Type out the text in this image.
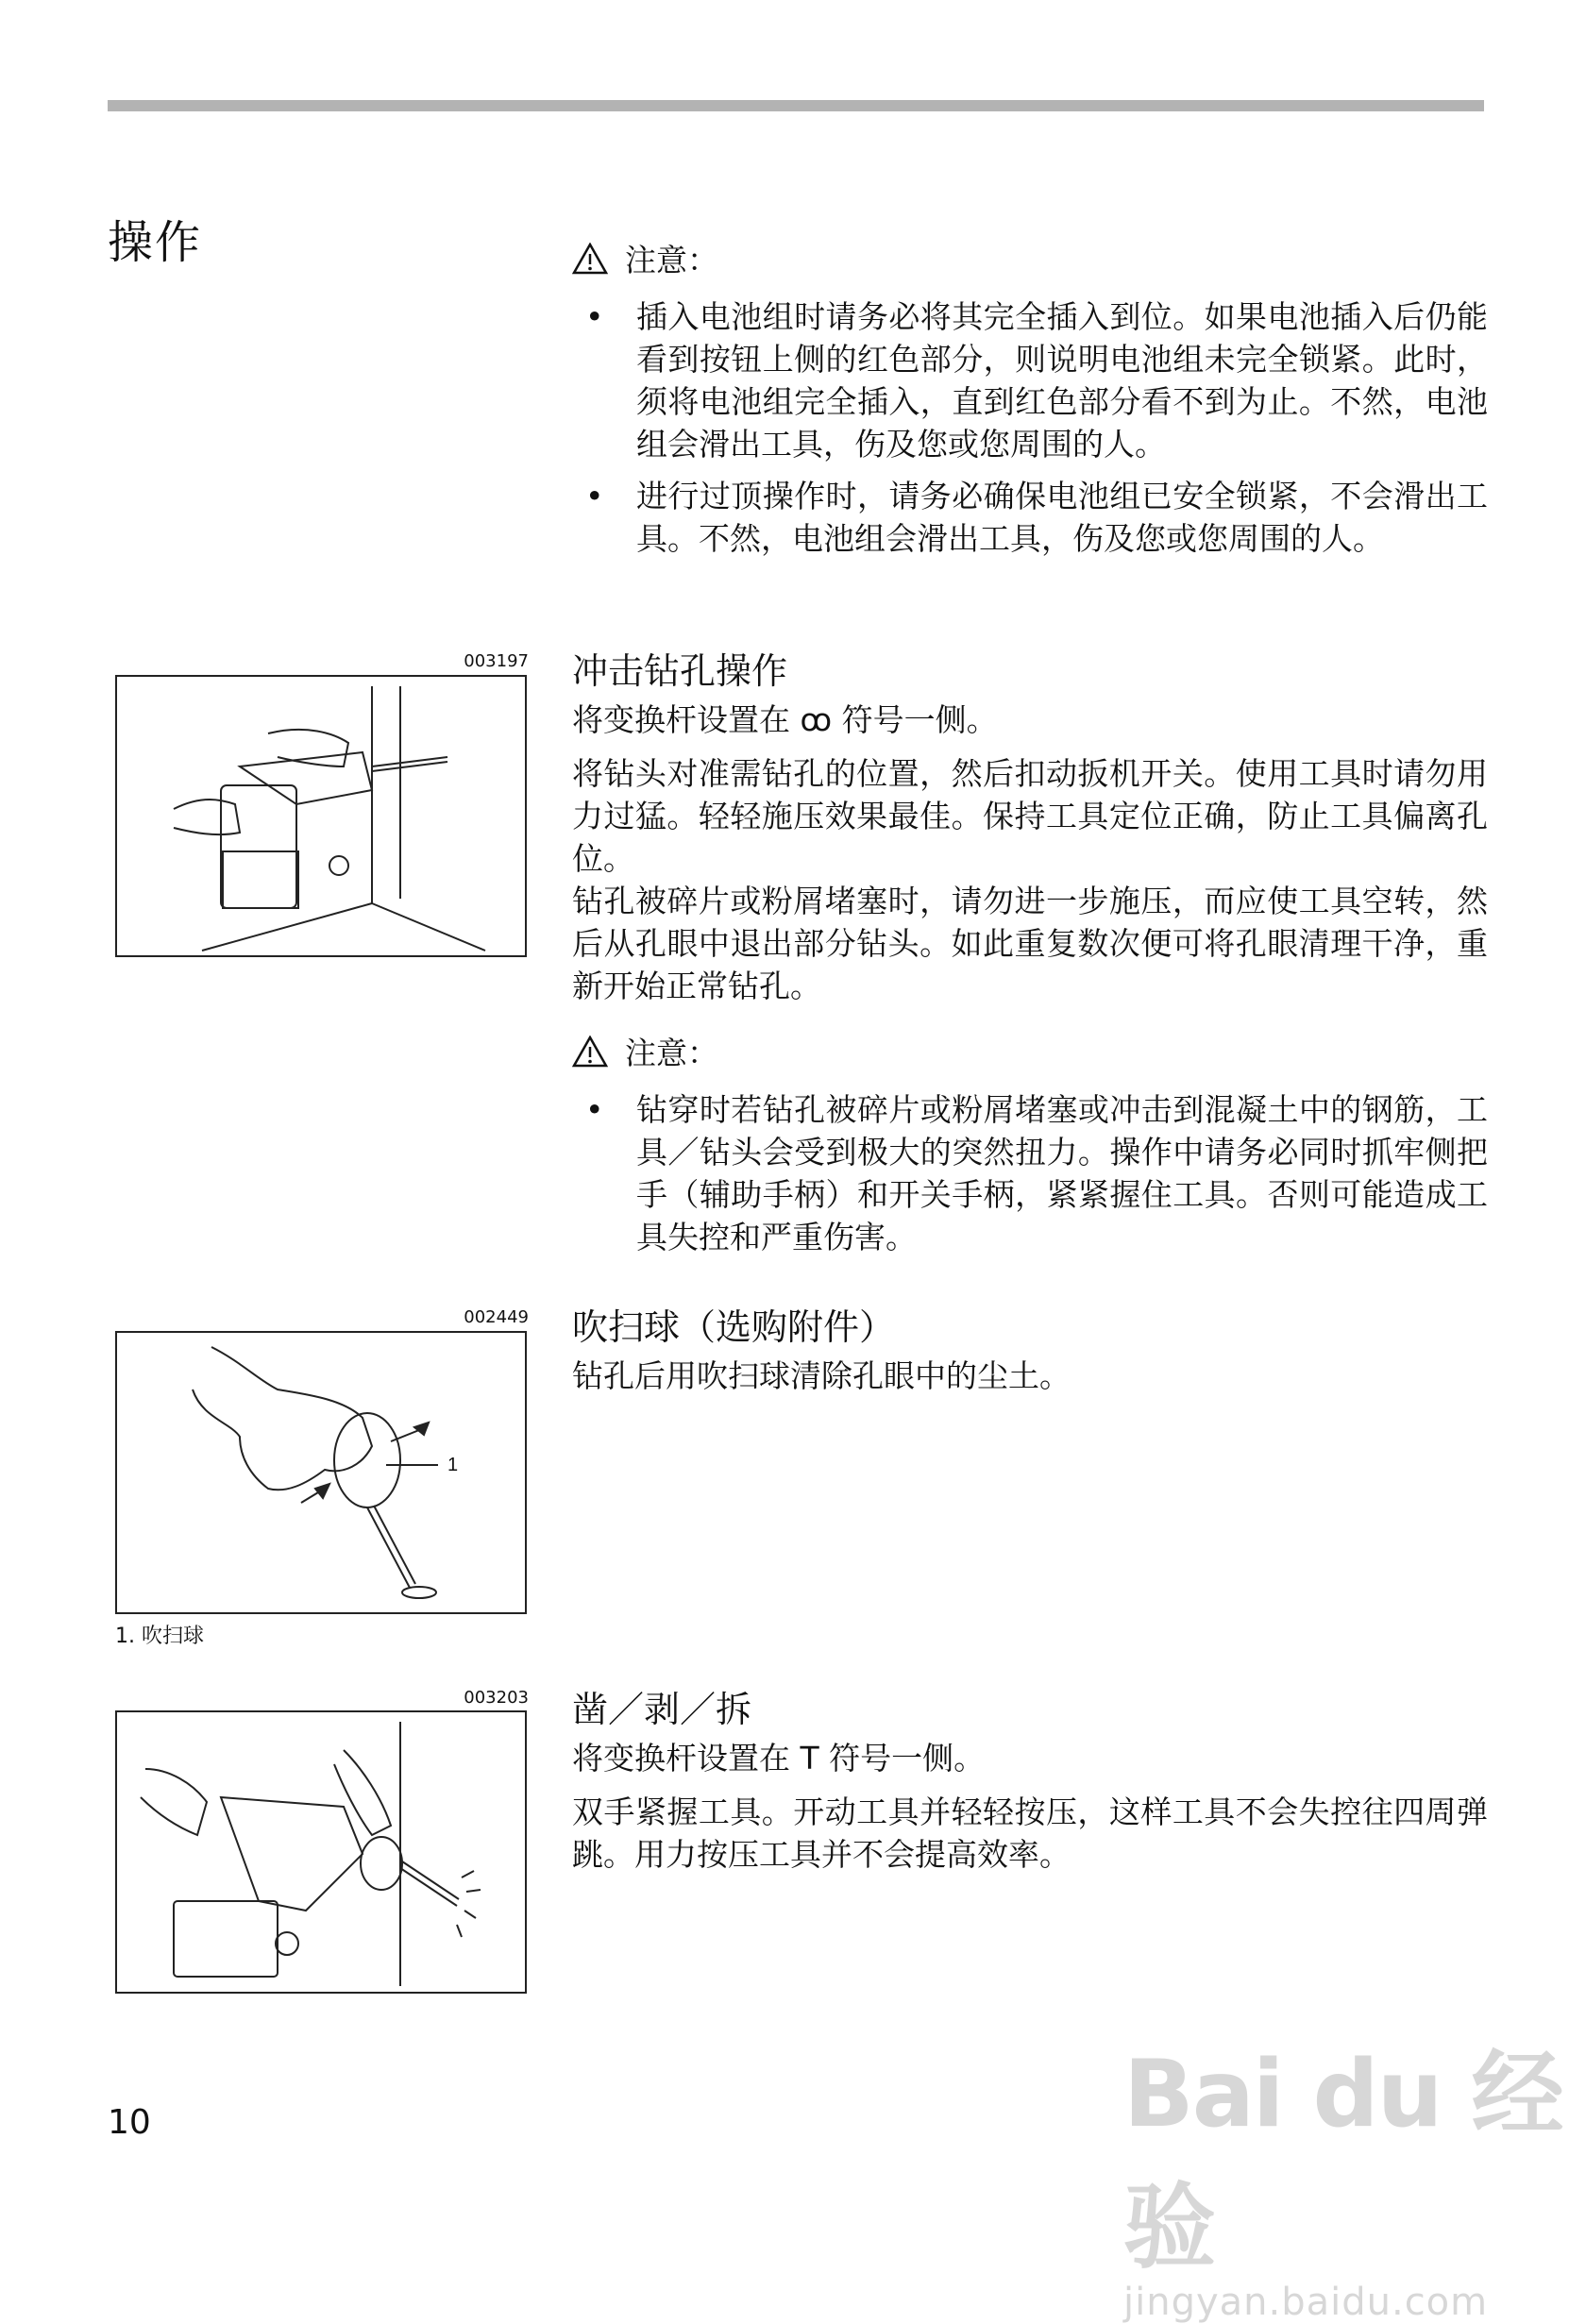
操作	注意：
• 插入电池组时请务必将其完全插入到位。如果电池插入后仍能看到按钮上侧的红色部分，则说明电池组未完全锁紧。此时，须将电池组完全插入，直到红色部分看不到为止。不然，电池组会滑出工具，伤及您或您周围的人。
• 进行过顶操作时，请务必确保电池组已安全锁紧，不会滑出工具。不然，电池组会滑出工具，伤及您或您周围的人。
003197 冲击钻孔操作

将变换杆设置在 ꝏ 符号一侧。

将钻头对准需钻孔的位置，然后扣动扳机开关。使用工具时请勿用力过猛。轻轻施压效果最佳。保持工具定位正确，防止工具偏离孔位。

钻孔被碎片或粉屑堵塞时，请勿进一步施压，而应使工具空转，然后从孔眼中退出部分钻头。如此重复数次便可将孔眼清理干净，重新开始正常钻孔。

注意：
• 钻穿时若钻孔被碎片或粉屑堵塞或冲击到混凝土中的钢筋，工具／钻头会受到极大的突然扭力。操作中请务必同时抓牢侧把手（辅助手柄）和开关手柄，紧紧握住工具。否则可能造成工具失控和严重伤害。
002449
1
1. 吹扫球
吹扫球（选购附件）

钻孔后用吹扫球清除孔眼中的尘土。

003203 凿／剥／拆

将变换杆设置在 T 符号一侧。

双手紧握工具。开动工具并轻轻按压，这样工具不会失控往四周弹跳。用力按压工具并不会提高效率。

10	Bai du 经验
jingyan.baidu.com
